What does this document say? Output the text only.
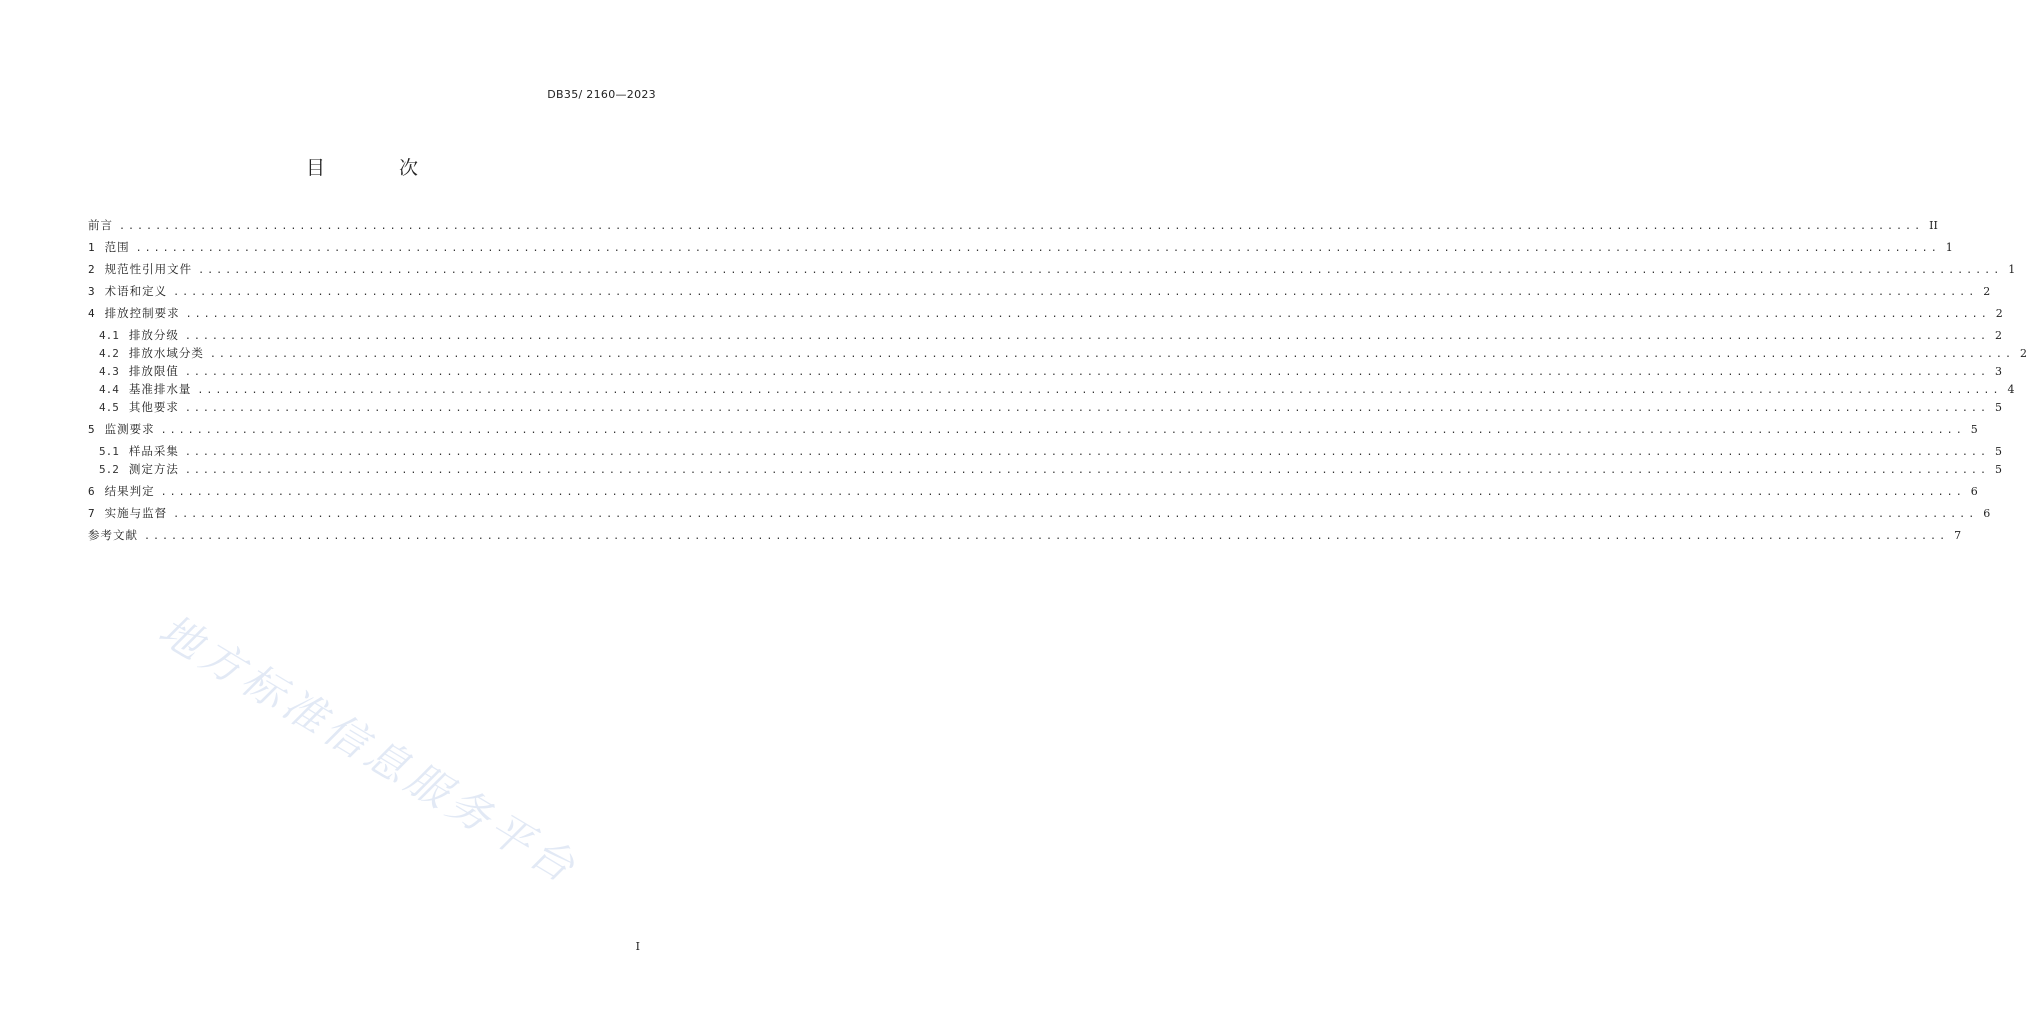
DB35/ 2160—2023
目 次
前言 ........................................................................................................................................................................................................ II
1 范围 ........................................................................................................................................................................................................ 1
2 规范性引用文件 ........................................................................................................................................................................................................ 1
3 术语和定义 ........................................................................................................................................................................................................ 2
4 排放控制要求 ........................................................................................................................................................................................................ 2
4.1 排放分级 ........................................................................................................................................................................................................ 2
4.2 排放水域分类 ........................................................................................................................................................................................................ 2
4.3 排放限值 ........................................................................................................................................................................................................ 3
4.4 基准排水量 ........................................................................................................................................................................................................ 4
4.5 其他要求 ........................................................................................................................................................................................................ 5
5 监测要求 ........................................................................................................................................................................................................ 5
5.1 样品采集 ........................................................................................................................................................................................................ 5
5.2 测定方法 ........................................................................................................................................................................................................ 5
6 结果判定 ........................................................................................................................................................................................................ 6
7 实施与监督 ........................................................................................................................................................................................................ 6
参考文献 ........................................................................................................................................................................................................ 7
地方标准信息服务平台
I
